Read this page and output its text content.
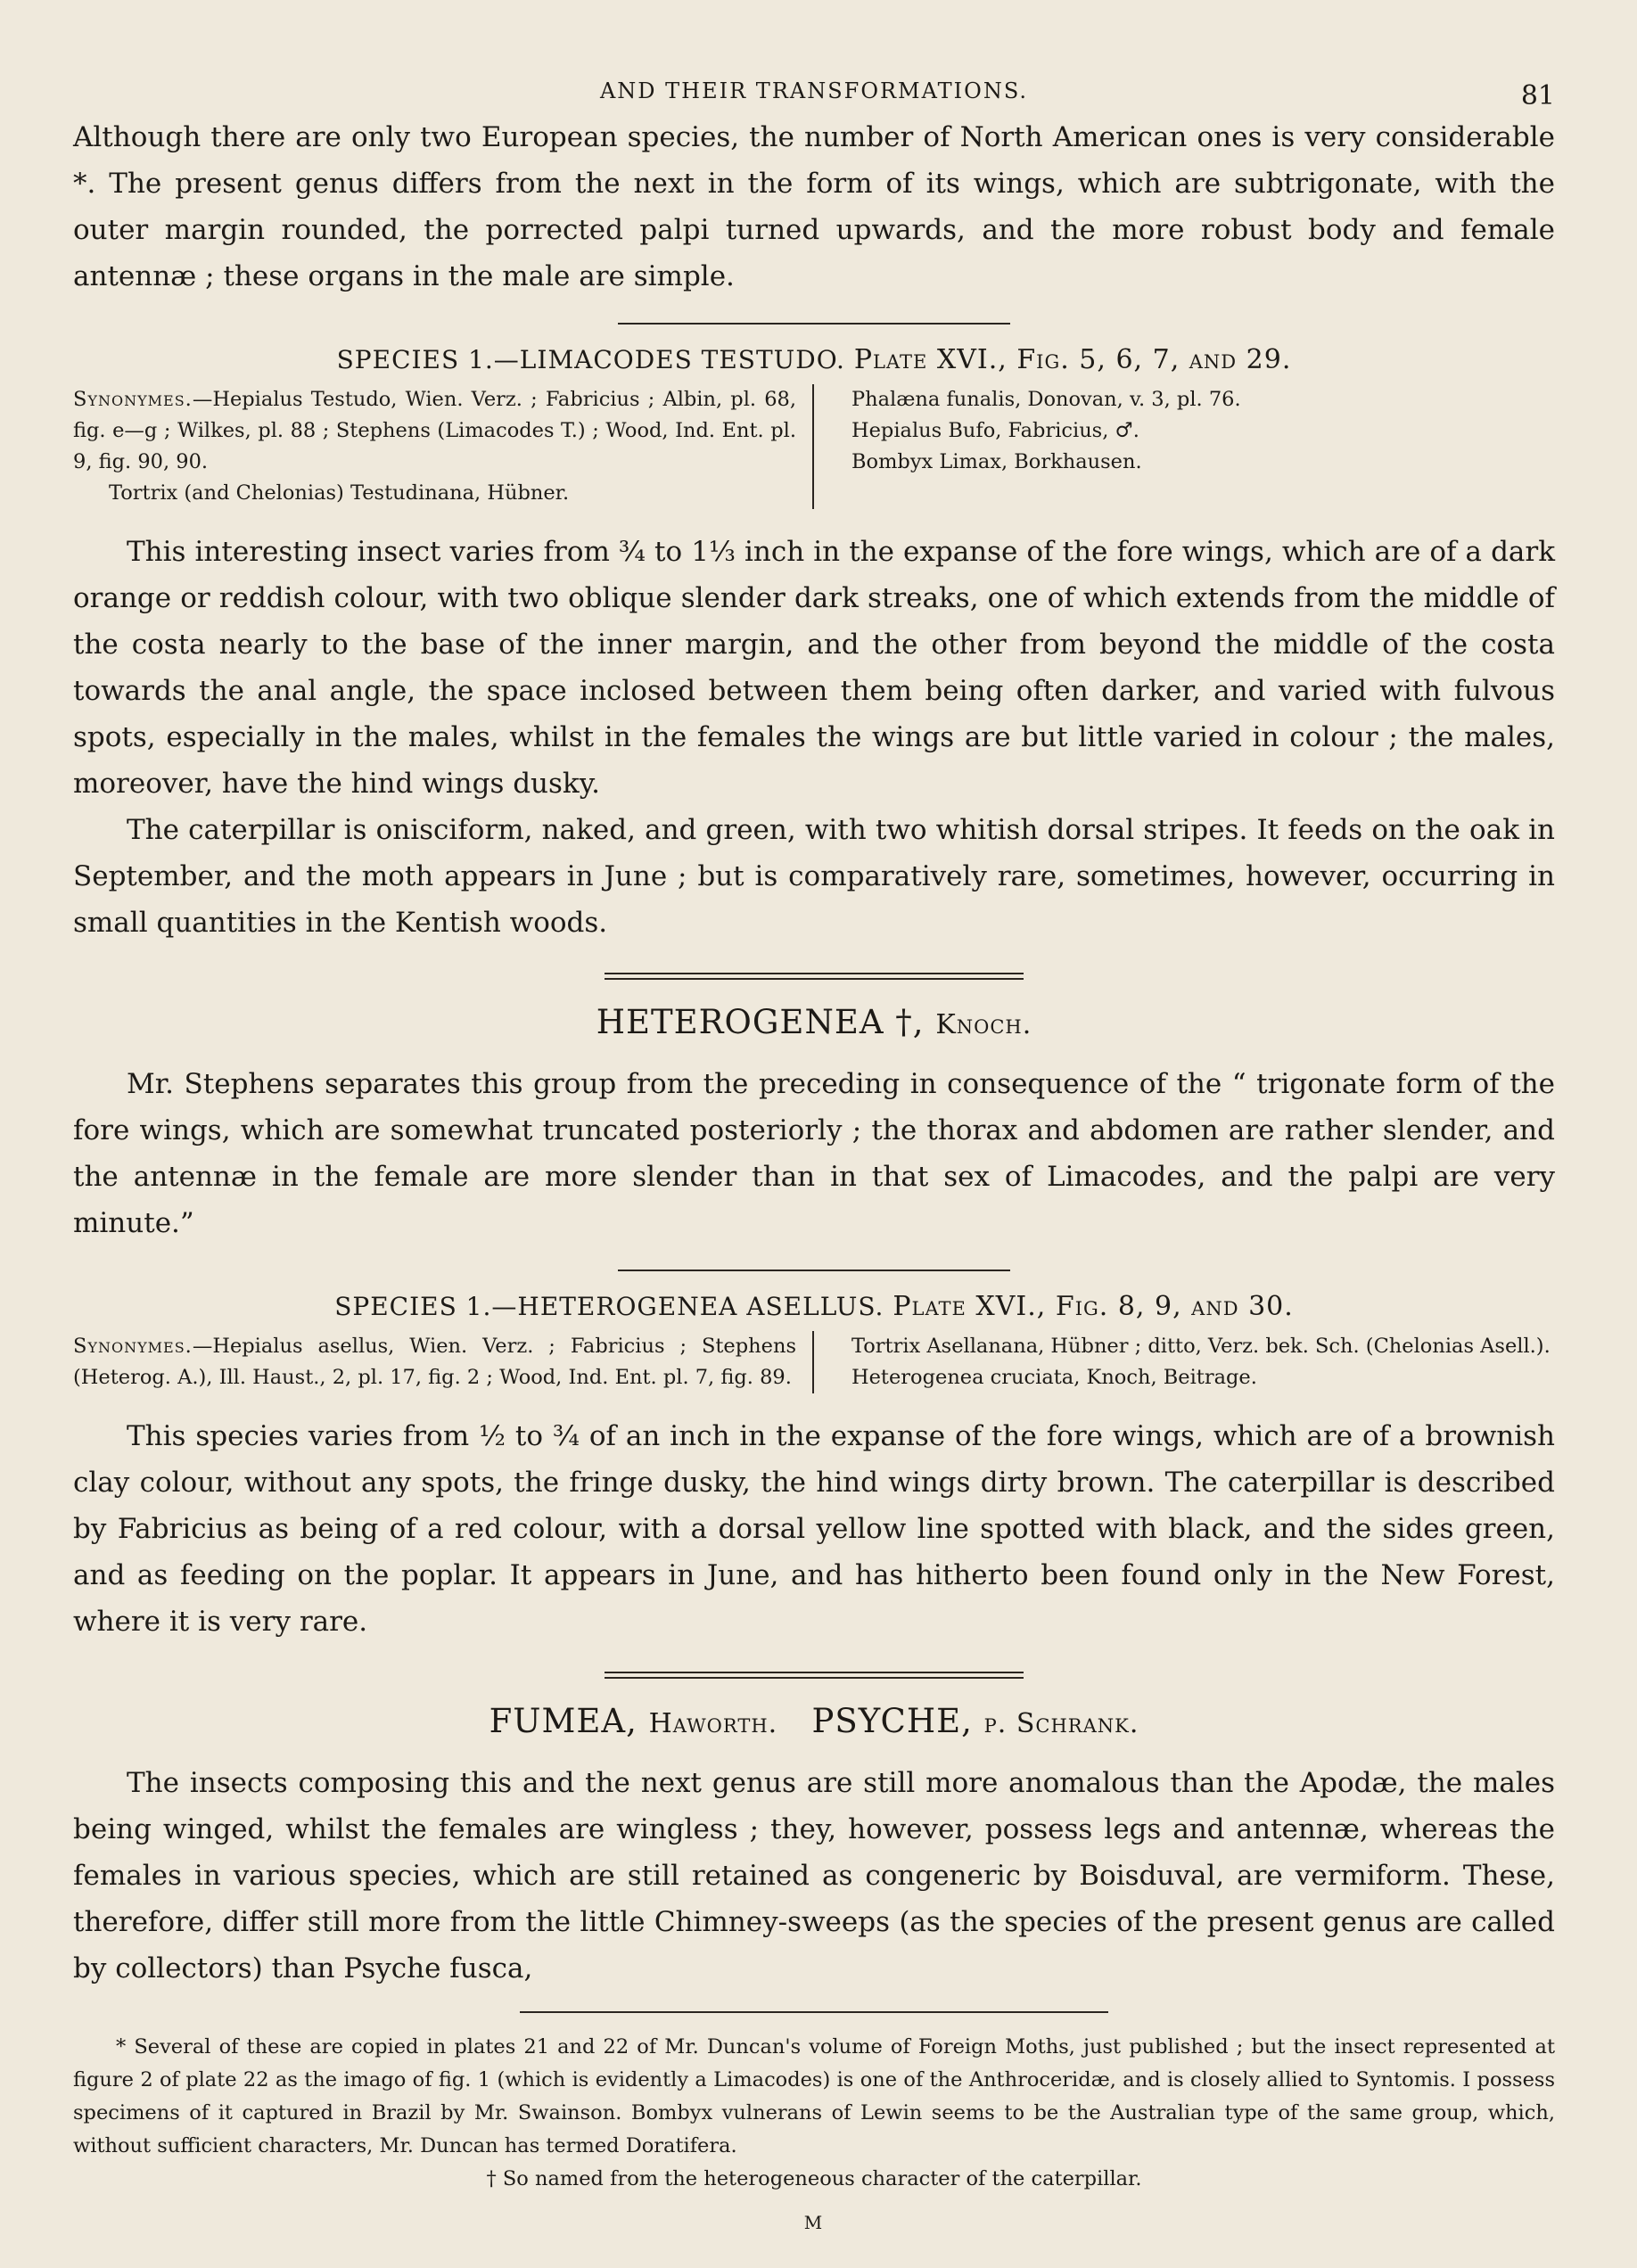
AND THEIR TRANSFORMATIONS.	81

Although there are only two European species, the number of North American ones is very considerable *. The present genus differs from the next in the form of its wings, which are subtrigonate, with the outer margin rounded, the porrected palpi turned upwards, and the more robust body and female antennæ ; these organs in the male are simple.

SPECIES 1.—LIMACODES TESTUDO. Plate XVI., Fig. 5, 6, 7, and 29.
Synonymes.—Hepialus Testudo, Wien. Verz. ; Fabricius ; Albin, pl. 68, fig. e—g ; Wilkes, pl. 88 ; Stephens (Limacodes T.) ; Wood, Ind. Ent. pl. 9, fig. 90, 90.
Tortrix (and Chelonias) Testudinana, Hübner.
Phalæna funalis, Donovan, v. 3, pl. 76.
Hepialus Bufo, Fabricius, ♂.
Bombyx Limax, Borkhausen.

This interesting insect varies from ¾ to 1⅓ inch in the expanse of the fore wings, which are of a dark orange or reddish colour, with two oblique slender dark streaks, one of which extends from the middle of the costa nearly to the base of the inner margin, and the other from beyond the middle of the costa towards the anal angle, the space inclosed between them being often darker, and varied with fulvous spots, especially in the males, whilst in the females the wings are but little varied in colour ; the males, moreover, have the hind wings dusky.

The caterpillar is onisciform, naked, and green, with two whitish dorsal stripes. It feeds on the oak in September, and the moth appears in June ; but is comparatively rare, sometimes, however, occurring in small quantities in the Kentish woods.

HETEROGENEA †, Knoch.

Mr. Stephens separates this group from the preceding in consequence of the “ trigonate form of the fore wings, which are somewhat truncated posteriorly ; the thorax and abdomen are rather slender, and the antennæ in the female are more slender than in that sex of Limacodes, and the palpi are very minute.”

SPECIES 1.—HETEROGENEA ASELLUS. Plate XVI., Fig. 8, 9, and 30.
Synonymes.—Hepialus asellus, Wien. Verz. ; Fabricius ; Stephens (Heterog. A.), Ill. Haust., 2, pl. 17, fig. 2 ; Wood, Ind. Ent. pl. 7, fig. 89.
Tortrix Asellanana, Hübner ; ditto, Verz. bek. Sch. (Chelonias Asell.).
Heterogenea cruciata, Knoch, Beitrage.

This species varies from ½ to ¾ of an inch in the expanse of the fore wings, which are of a brownish clay colour, without any spots, the fringe dusky, the hind wings dirty brown. The caterpillar is described by Fabricius as being of a red colour, with a dorsal yellow line spotted with black, and the sides green, and as feeding on the poplar. It appears in June, and has hitherto been found only in the New Forest, where it is very rare.

FUMEA, Haworth. PSYCHE, p. Schrank.

The insects composing this and the next genus are still more anomalous than the Apodæ, the males being winged, whilst the females are wingless ; they, however, possess legs and antennæ, whereas the females in various species, which are still retained as congeneric by Boisduval, are vermiform. These, therefore, differ still more from the little Chimney-sweeps (as the species of the present genus are called by collectors) than Psyche fusca,

* Several of these are copied in plates 21 and 22 of Mr. Duncan's volume of Foreign Moths, just published ; but the insect represented at figure 2 of plate 22 as the imago of fig. 1 (which is evidently a Limacodes) is one of the Anthroceridæ, and is closely allied to Syntomis. I possess specimens of it captured in Brazil by Mr. Swainson. Bombyx vulnerans of Lewin seems to be the Australian type of the same group, which, without sufficient characters, Mr. Duncan has termed Doratifera.

† So named from the heterogeneous character of the caterpillar.

M
